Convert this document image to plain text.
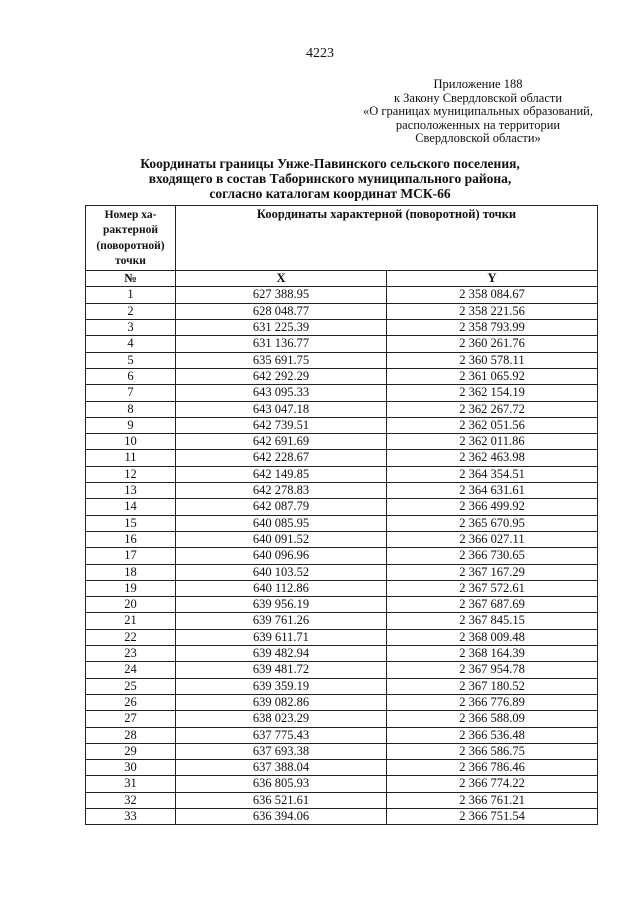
4223
Приложение 188
к Закону Свердловской области
«О границах муниципальных образований,
расположенных на территории
Свердловской области»
Координаты границы Унже-Павинского сельского поселения,
входящего в состав Таборинского муниципального района,
согласно каталогам координат МСК-66
Номер ха-рактерной (поворотной) точки	Координаты характерной (поворотной) точки	
№	X	Y
1	627 388.95	2 358 084.67
2	628 048.77	2 358 221.56
3	631 225.39	2 358 793.99
4	631 136.77	2 360 261.76
5	635 691.75	2 360 578.11
6	642 292.29	2 361 065.92
7	643 095.33	2 362 154.19
8	643 047.18	2 362 267.72
9	642 739.51	2 362 051.56
10	642 691.69	2 362 011.86
11	642 228.67	2 362 463.98
12	642 149.85	2 364 354.51
13	642 278.83	2 364 631.61
14	642 087.79	2 366 499.92
15	640 085.95	2 365 670.95
16	640 091.52	2 366 027.11
17	640 096.96	2 366 730.65
18	640 103.52	2 367 167.29
19	640 112.86	2 367 572.61
20	639 956.19	2 367 687.69
21	639 761.26	2 367 845.15
22	639 611.71	2 368 009.48
23	639 482.94	2 368 164.39
24	639 481.72	2 367 954.78
25	639 359.19	2 367 180.52
26	639 082.86	2 366 776.89
27	638 023.29	2 366 588.09
28	637 775.43	2 366 536.48
29	637 693.38	2 366 586.75
30	637 388.04	2 366 786.46
31	636 805.93	2 366 774.22
32	636 521.61	2 366 761.21
33	636 394.06	2 366 751.54
